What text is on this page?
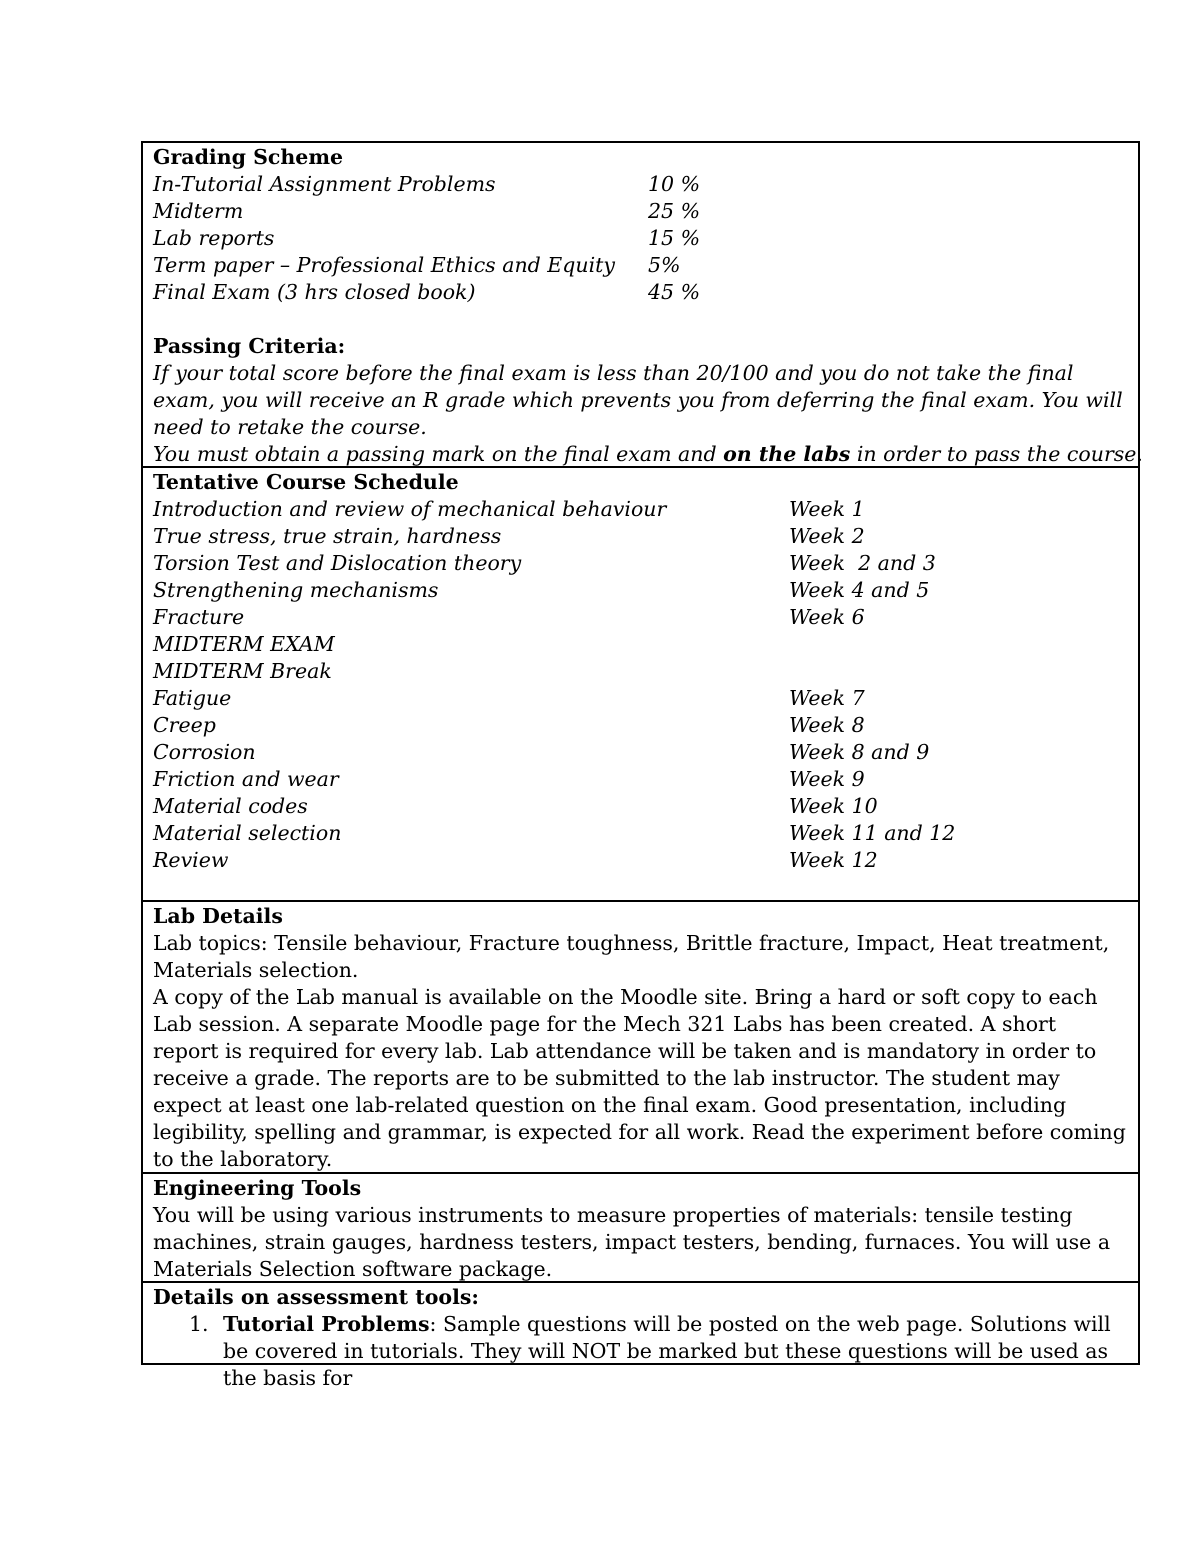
Grading Scheme
In-Tutorial Assignment Problems	10 %
Midterm	25 %
Lab reports	15 %
Term paper – Professional Ethics and Equity 5%
Final Exam (3 hrs closed book)	45 %
Passing Criteria:
If your total score before the final exam is less than 20/100 and you do not take the final exam, you will receive an R grade which prevents you from deferring the final exam. You will need to retake the course.
You must obtain a passing mark on the final exam and on the labs in order to pass the course.
Tentative Course Schedule
Introduction and review of mechanical behaviour	Week 1
True stress, true strain, hardness	Week 2
Torsion Test and Dislocation theory	Week  2 and 3
Strengthening mechanisms	Week 4 and 5
Fracture	Week 6
MIDTERM EXAM
MIDTERM Break
Fatigue	Week 7
Creep	Week 8
Corrosion	Week 8 and 9
Friction and wear	Week 9
Material codes	Week 10
Material selection	Week 11 and 12
Review	Week 12
Lab Details
Lab topics: Tensile behaviour, Fracture toughness, Brittle fracture, Impact, Heat treatment, Materials selection.
A copy of the Lab manual is available on the Moodle site. Bring a hard or soft copy to each Lab session. A separate Moodle page for the Mech 321 Labs has been created. A short report is required for every lab. Lab attendance will be taken and is mandatory in order to receive a grade. The reports are to be submitted to the lab instructor. The student may expect at least one lab-related question on the final exam. Good presentation, including legibility, spelling and grammar, is expected for all work. Read the experiment before coming to the laboratory.
Engineering Tools
You will be using various instruments to measure properties of materials: tensile testing machines, strain gauges, hardness testers, impact testers, bending, furnaces. You will use a Materials Selection software package.
Details on assessment tools:
1. Tutorial Problems: Sample questions will be posted on the web page. Solutions will be covered in tutorials. They will NOT be marked but these questions will be used as the basis for
